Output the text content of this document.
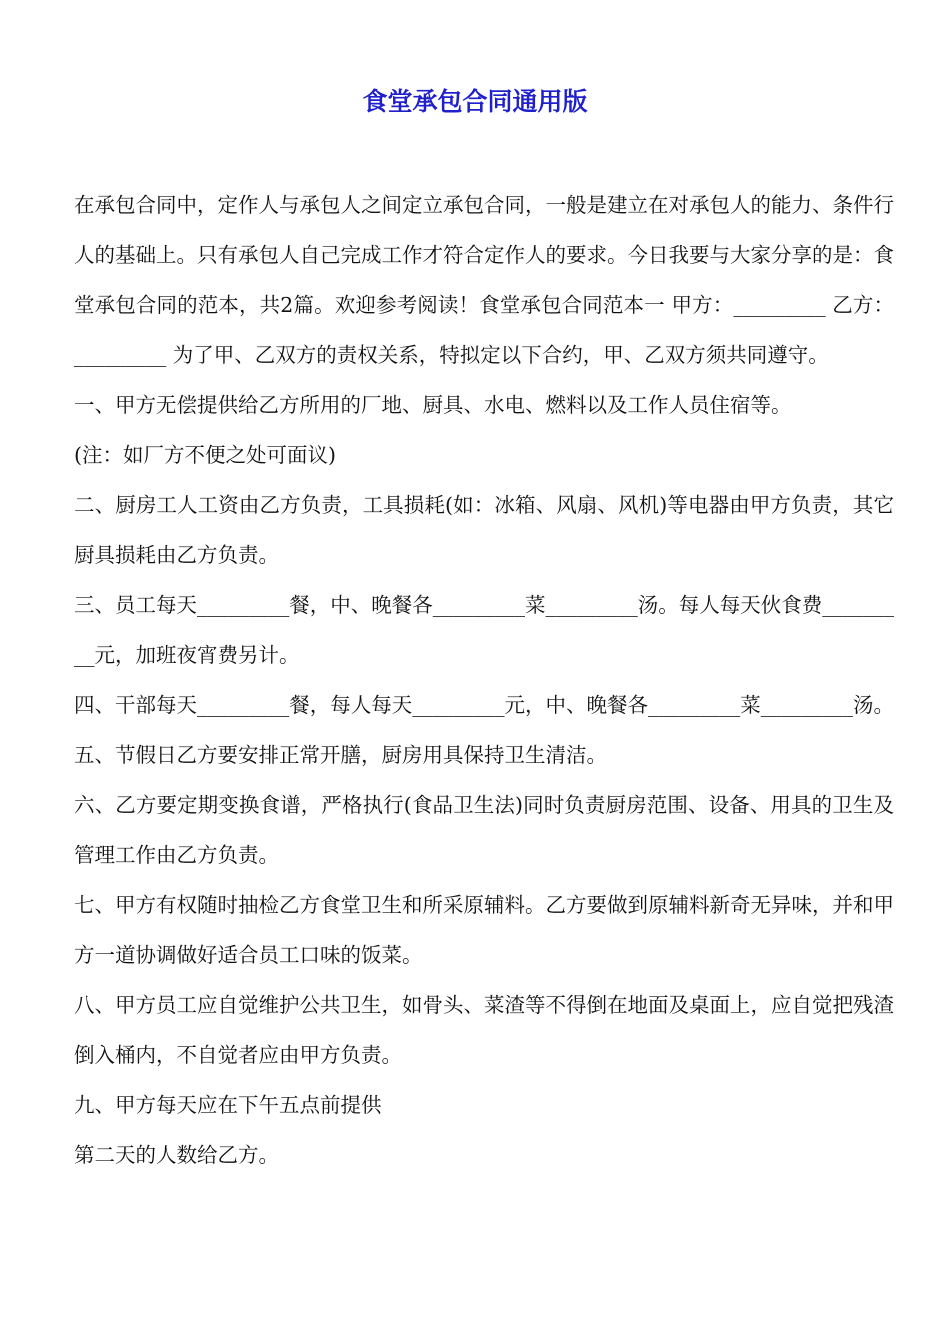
食堂承包合同通用版

在承包合同中，定作人与承包人之间定立承包合同，一般是建立在对承包人的能力、条件行人的基础上。只有承包人自己完成工作才符合定作人的要求。今日我要与大家分享的是：食堂承包合同的范本，共2篇。欢迎参考阅读！食堂承包合同范本一 甲方：_________ 乙方：_________ 为了甲、乙双方的责权关系，特拟定以下合约，甲、乙双方须共同遵守。

一、甲方无偿提供给乙方所用的厂地、厨具、水电、燃料以及工作人员住宿等。

(注：如厂方不便之处可面议)

二、厨房工人工资由乙方负责，工具损耗(如：冰箱、风扇、风机)等电器由甲方负责，其它厨具损耗由乙方负责。

三、员工每天_________餐，中、晚餐各_________菜_________汤。每人每天伙食费_________元，加班夜宵费另计。

四、干部每天_________餐，每人每天_________元，中、晚餐各_________菜_________汤。

五、节假日乙方要安排正常开膳，厨房用具保持卫生清洁。

六、乙方要定期变换食谱，严格执行(食品卫生法)同时负责厨房范围、设备、用具的卫生及管理工作由乙方负责。

七、甲方有权随时抽检乙方食堂卫生和所采原辅料。乙方要做到原辅料新奇无异味，并和甲方一道协调做好适合员工口味的饭菜。

八、甲方员工应自觉维护公共卫生，如骨头、菜渣等不得倒在地面及桌面上，应自觉把残渣倒入桶内，不自觉者应由甲方负责。

九、甲方每天应在下午五点前提供

第二天的人数给乙方。
